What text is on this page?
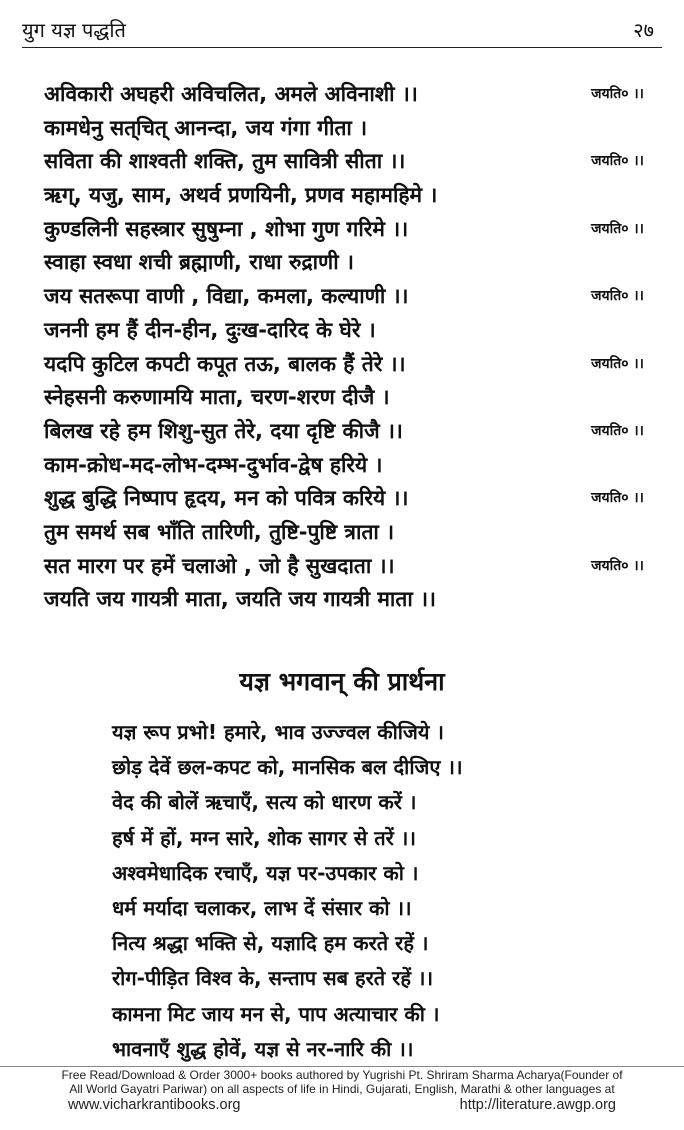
युग यज्ञ पद्धति	२७
अविकारी अघहरी अविचलित, अमले अविनाशी ।।	जयति० ।।
कामधेनु सत्‌चित्‌ आनन्दा, जय गंगा गीता ।
सविता की शाश्वती शक्ति, तुम सावित्री सीता ।।	जयति० ।।
ऋग्‌, यजु, साम, अथर्व प्रणयिनी, प्रणव महामहिमे ।
कुण्डलिनी सहस्त्रार सुषुम्ना , शोभा गुण गरिमे ।।	जयति० ।।
स्वाहा स्वधा शची ब्रह्माणी, राधा रुद्राणी ।
जय सतरूपा वाणी , विद्या, कमला, कल्याणी ।।	जयति० ।।
जननी हम हैं दीन-हीन, दुःख-दारिद के घेरे ।
यदपि कुटिल कपटी कपूत तऊ, बालक हैं तेरे ।।	जयति० ।।
स्नेहसनी करुणामयि माता, चरण-शरण दीजै ।
बिलख रहे हम शिशु-सुत तेरे, दया दृष्टि कीजै ।।	जयति० ।।
काम-क्रोध-मद-लोभ-दम्भ-दुर्भाव-द्वेष हरिये ।
शुद्ध बुद्धि निष्पाप हृदय, मन को पवित्र करिये ।।	जयति० ।।
तुम समर्थ सब भाँति तारिणी, तुष्टि-पुष्टि त्राता ।
सत मारग पर हमें चलाओ , जो है सुखदाता ।।	जयति० ।।
जयति जय गायत्री माता, जयति जय गायत्री माता ।।
यज्ञ भगवान्‌ की प्रार्थना
यज्ञ रूप प्रभो! हमारे, भाव उज्ज्वल कीजिये ।
छोड़ देवें छल-कपट को, मानसिक बल दीजिए ।।
वेद की बोलें ऋचाएँ, सत्य को धारण करें ।
हर्ष में हों, मग्न सारे, शोक सागर से तरें ।।
अश्वमेधादिक रचाएँ, यज्ञ पर-उपकार को ।
धर्म मर्यादा चलाकर, लाभ दें संसार को ।।
नित्य श्रद्धा भक्ति से, यज्ञादि हम करते रहें ।
रोग-पीड़ित विश्व के, सन्ताप सब हरते रहें ।।
कामना मिट जाय मन से, पाप अत्याचार की ।
भावनाएँ शुद्ध होवें, यज्ञ से नर-नारि की ।।
Free Read/Download & Order 3000+ books authored by Yugrishi Pt. Shriram Sharma Acharya(Founder of
All World Gayatri Pariwar) on all aspects of life in Hindi, Gujarati, English, Marathi & other languages at
www.vicharkrantibooks.org	http://literature.awgp.org
